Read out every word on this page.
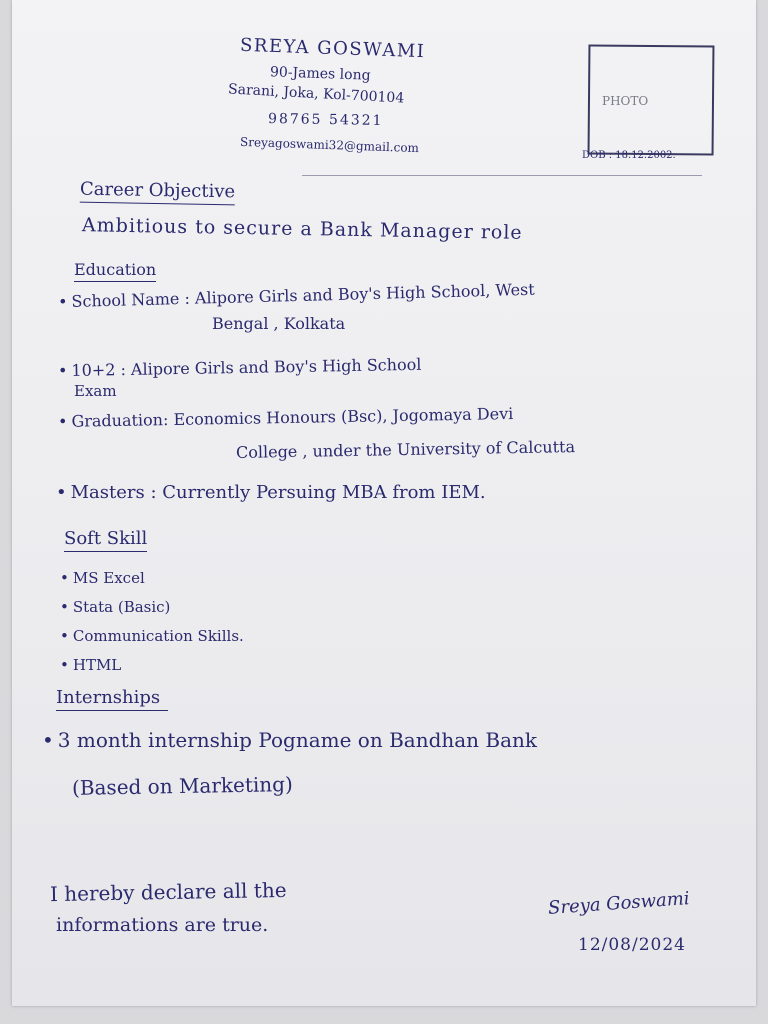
SREYA GOSWAMI
90-James long
Sarani, Joka, Kol-700104
98765 54321
Sreyagoswami32@gmail.com
PHOTO
DOB : 18.12.2002.
Career Objective
Ambitious to secure a Bank Manager role
Education
• School Name : Alipore Girls and Boy's High School, West
Bengal , Kolkata
• 10+2 : Alipore Girls and Boy's High School
Exam
• Graduation: Economics Honours (Bsc), Jogomaya Devi
College , under the University of Calcutta
• Masters : Currently Persuing MBA from IEM.
Soft Skill
• MS Excel
• Stata (Basic)
• Communication Skills.
• HTML
Internships
• 3 month internship Pogname on Bandhan Bank
(Based on Marketing)
I hereby declare all the
informations are true.
Sreya Goswami
12/08/2024
